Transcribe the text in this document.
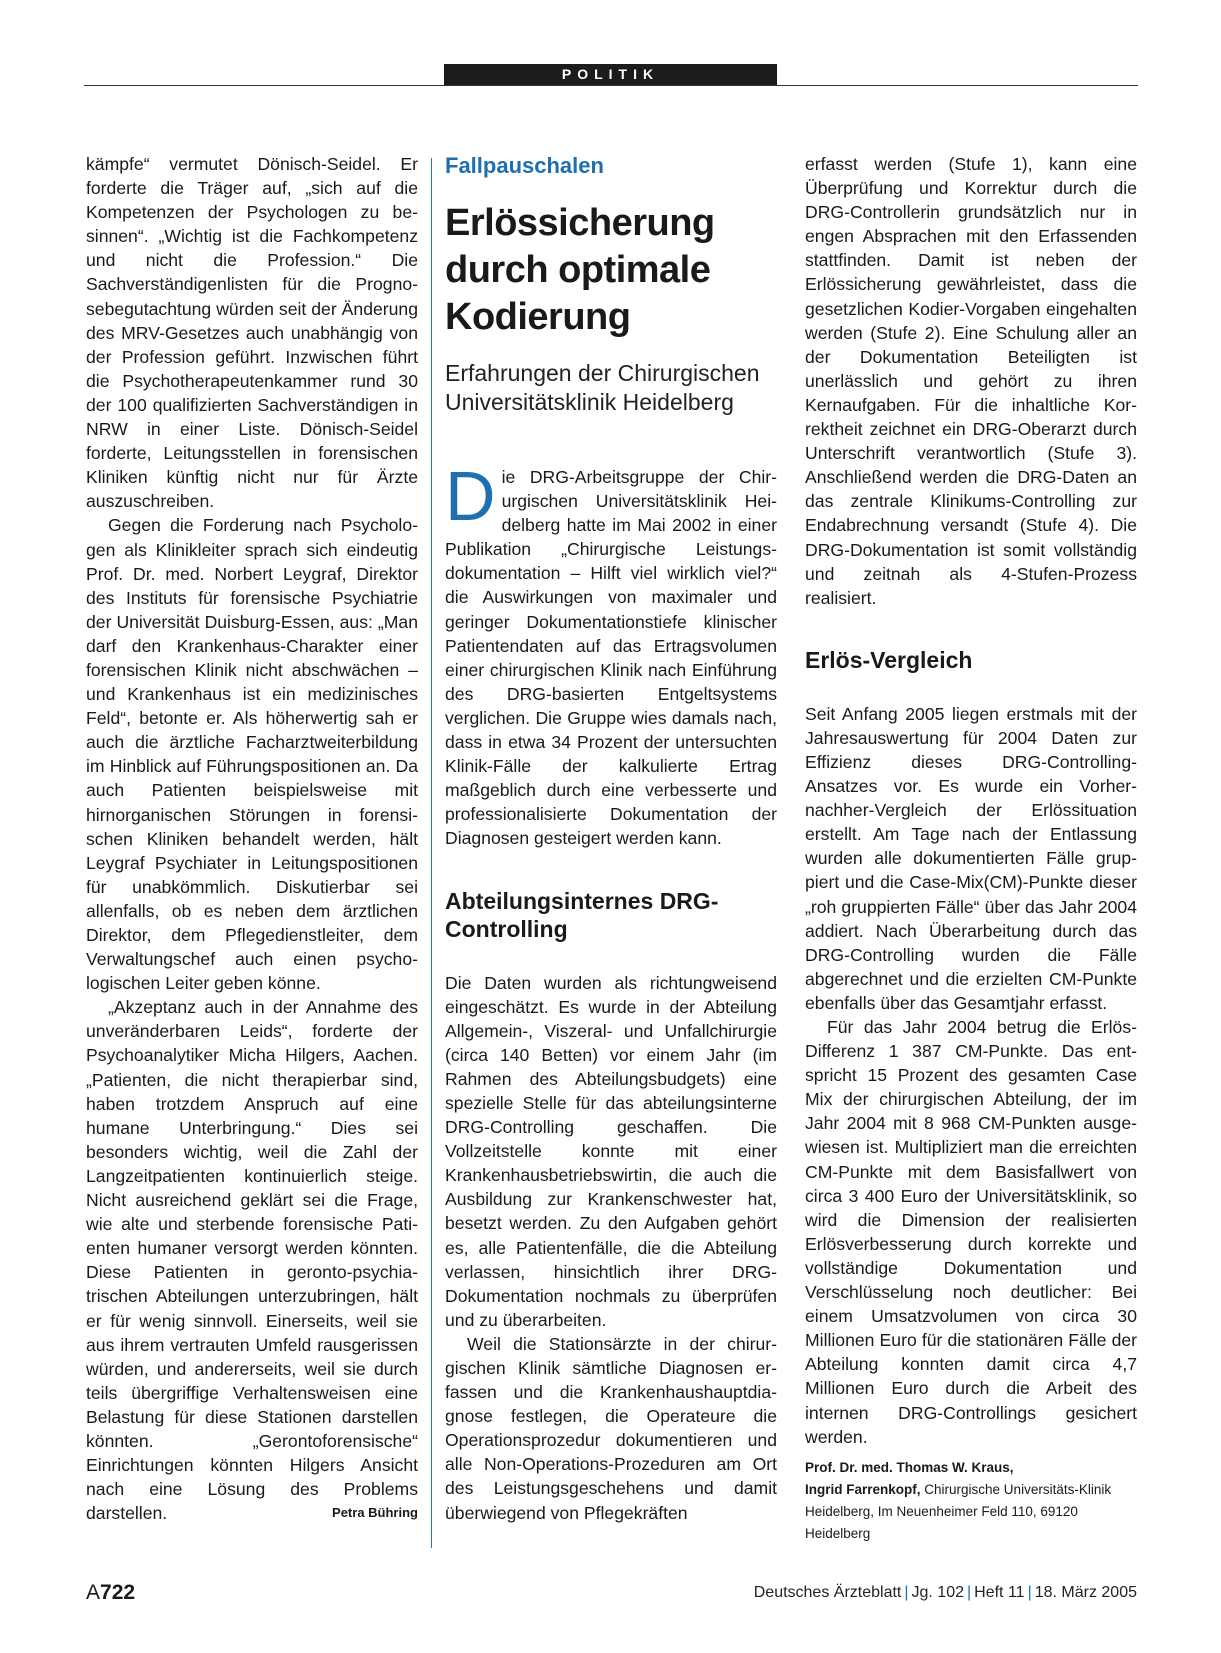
POLITIK

kämpfe“ vermutet Dönisch-Seidel. Er forderte die Träger auf, „sich auf die Kompetenzen der Psychologen zu besinnen“. „Wichtig ist die Fachkompetenz und nicht die Profession.“ Die Sachverständigenlisten für die Prognosebegutachtung würden seit der Änderung des MRV-Gesetzes auch unabhängig von der Profession geführt. Inzwischen führt die Psychotherapeutenkammer rund 30 der 100 qualifizierten Sachverständigen in NRW in einer Liste. Dönisch-Seidel forderte, Leitungsstellen in forensischen Kliniken künftig nicht nur für Ärzte auszuschreiben.

Gegen die Forderung nach Psychologen als Klinikleiter sprach sich eindeutig Prof. Dr. med. Norbert Leygraf, Direktor des Instituts für forensische Psychiatrie der Universität Duisburg-Essen, aus: „Man darf den Krankenhaus-Charakter einer forensischen Klinik nicht abschwächen – und Krankenhaus ist ein medizinisches Feld“, betonte er. Als höherwertig sah er auch die ärztliche Facharztweiterbildung im Hinblick auf Führungspositionen an. Da auch Patienten beispielsweise mit hirnorganischen Störungen in forensischen Kliniken behandelt werden, hält Leygraf Psychiater in Leitungspositionen für unabkömmlich. Diskutierbar sei allenfalls, ob es neben dem ärztlichen Direktor, dem Pflegedienstleiter, dem Verwaltungschef auch einen psychologischen Leiter geben könne.

„Akzeptanz auch in der Annahme des unveränderbaren Leids“, forderte der Psychoanalytiker Micha Hilgers, Aachen. „Patienten, die nicht therapierbar sind, haben trotzdem Anspruch auf eine humane Unterbringung.“ Dies sei besonders wichtig, weil die Zahl der Langzeitpatienten kontinuierlich steige. Nicht ausreichend geklärt sei die Frage, wie alte und sterbende forensische Patienten humaner versorgt werden könnten. Diese Patienten in geronto-psychiatrischen Abteilungen unterzubringen, hält er für wenig sinnvoll. Einerseits, weil sie aus ihrem vertrauten Umfeld rausgerissen würden, und andererseits, weil sie durch teils übergriffige Verhaltensweisen eine Belastung für diese Stationen darstellen könnten. „Gerontoforensische“ Einrichtungen könnten Hilgers Ansicht nach eine Lösung des Problems darstellen.	Petra Bühring

Fallpauschalen
Erlössicherung durch optimale Kodierung
Erfahrungen der Chirurgischen Universitätsklinik Heidelberg

Die DRG-Arbeitsgruppe der Chirurgischen Universitätsklinik Heidelberg hatte im Mai 2002 in einer Publikation „Chirurgische Leistungsdokumentation – Hilft viel wirklich viel?“ die Auswirkungen von maximaler und geringer Dokumentationstiefe klinischer Patientendaten auf das Ertragsvolumen einer chirurgischen Klinik nach Einführung des DRG-basierten Entgeltsystems verglichen. Die Gruppe wies damals nach, dass in etwa 34 Prozent der untersuchten Klinik-Fälle der kalkulierte Ertrag maßgeblich durch eine verbesserte und professionalisierte Dokumentation der Diagnosen gesteigert werden kann.

Abteilungsinternes DRG-Controlling

Die Daten wurden als richtungweisend eingeschätzt. Es wurde in der Abteilung Allgemein-, Viszeral- und Unfallchirurgie (circa 140 Betten) vor einem Jahr (im Rahmen des Abteilungsbudgets) eine spezielle Stelle für das abteilungsinterne DRG-Controlling geschaffen. Die Vollzeitstelle konnte mit einer Krankenhausbetriebswirtin, die auch die Ausbildung zur Krankenschwester hat, besetzt werden. Zu den Aufgaben gehört es, alle Patientenfälle, die die Abteilung verlassen, hinsichtlich ihrer DRG-Dokumentation nochmals zu überprüfen und zu überarbeiten.

Weil die Stationsärzte in der chirurgischen Klinik sämtliche Diagnosen erfassen und die Krankenhaushauptdiagnose festlegen, die Operateure die Operationsprozedur dokumentieren und alle Non-Operations-Prozeduren am Ort des Leistungsgeschehens und damit überwiegend von Pflegekräften

erfasst werden (Stufe 1), kann eine Überprüfung und Korrektur durch die DRG-Controllerin grundsätzlich nur in engen Absprachen mit den Erfassenden stattfinden. Damit ist neben der Erlössicherung gewährleistet, dass die gesetzlichen Kodier-Vorgaben eingehalten werden (Stufe 2). Eine Schulung aller an der Dokumentation Beteiligten ist unerlässlich und gehört zu ihren Kernaufgaben. Für die inhaltliche Korrektheit zeichnet ein DRG-Oberarzt durch Unterschrift verantwortlich (Stufe 3). Anschließend werden die DRG-Daten an das zentrale Klinikums-Controlling zur Endabrechnung versandt (Stufe 4). Die DRG-Dokumentation ist somit vollständig und zeitnah als 4-Stufen-Prozess realisiert.

Erlös-Vergleich

Seit Anfang 2005 liegen erstmals mit der Jahresauswertung für 2004 Daten zur Effizienz dieses DRG-Controlling-Ansatzes vor. Es wurde ein Vorher-nachher-Vergleich der Erlössituation erstellt. Am Tage nach der Entlassung wurden alle dokumentierten Fälle gruppiert und die Case-Mix(CM)-Punkte dieser „roh gruppierten Fälle“ über das Jahr 2004 addiert. Nach Überarbeitung durch das DRG-Controlling wurden die Fälle abgerechnet und die erzielten CM-Punkte ebenfalls über das Gesamtjahr erfasst.

Für das Jahr 2004 betrug die Erlös-Differenz 1 387 CM-Punkte. Das entspricht 15 Prozent des gesamten Case Mix der chirurgischen Abteilung, der im Jahr 2004 mit 8 968 CM-Punkten ausgewiesen ist. Multipliziert man die erreichten CM-Punkte mit dem Basisfallwert von circa 3 400 Euro der Universitätsklinik, so wird die Dimension der realisierten Erlösverbesserung durch korrekte und vollständige Dokumentation und Verschlüsselung noch deutlicher: Bei einem Umsatzvolumen von circa 30 Millionen Euro für die stationären Fälle der Abteilung konnten damit circa 4,7 Millionen Euro durch die Arbeit des internen DRG-Controllings gesichert werden.

Prof. Dr. med. Thomas W. Kraus,
Ingrid Farrenkopf, Chirurgische Universitäts-Klinik Heidelberg, Im Neuenheimer Feld 110, 69120 Heidelberg
A722	Deutsches Ärzteblatt | Jg. 102 | Heft 11 | 18. März 2005
